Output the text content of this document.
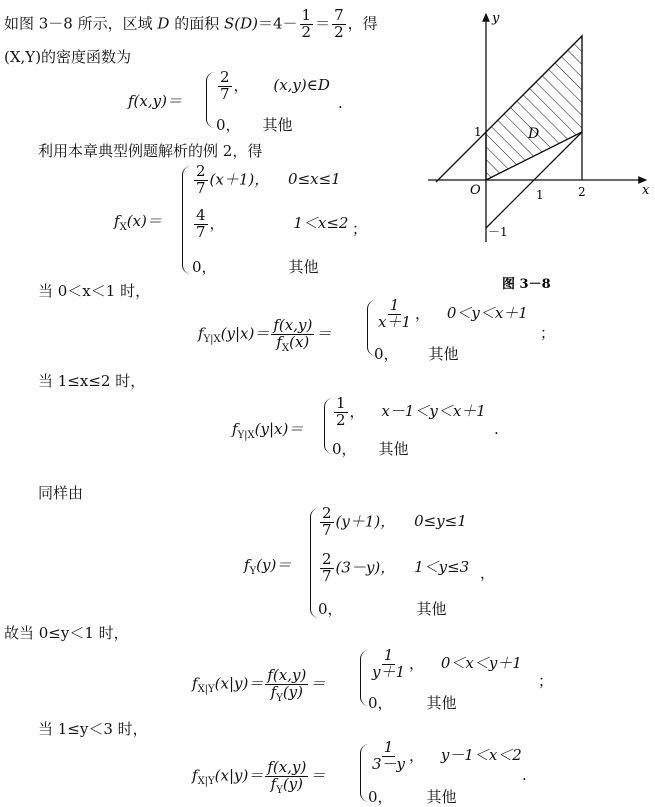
如图 3－8 所示，区域 D 的面积 $S(D)=4- \frac{1}{2} = \frac{7}{2}$ ，得
(X,Y)的密度函数为
$f(x,y)= \frac{2}{7}$ ， (x,y)∈D
0， 其他
.
利用本章典型例题解析的例 2，得
$f_X(x)=$
$\frac{2}{7} (x+1)$， 0≤x≤1
$\frac{4}{7}$ ，	1＜x≤2
0，	其他
；
当 0＜x＜1 时，
$f_{Y|X}(y|x)= \frac{f(x,y)}{f_X(x)}$ ＝
$\frac{1}{x+1}$ ， 0＜y＜x＋1
0， 其他
；
当 1≤x≤2 时，
$f_{Y|X}(y|x)=$
$\frac{1}{2}$ ， x－1＜y＜x＋1
0， 其他
.
同样由
$f_Y(y)=$
$\frac{2}{7} (y+1)$， 0≤y≤1
$\frac{2}{7} (3-y)$， 1＜y≤3
0，	其他
，
故当 0≤y＜1 时，
$f_{X|Y}(x|y)= \frac{f(x,y)}{f_Y(y)}$ ＝
$\frac{1}{y+1}$ ， 0＜x＜y＋1
0， 其他
；
当 1≤y＜3 时，
$f_{X|Y}(x|y)= \frac{f(x,y)}{f_Y(y)}$ ＝
$\frac{1}{3-y}$ ， y－1＜x＜2
0， 其他
.
x
y
O
D
1
－1
1	2
图 3－8
